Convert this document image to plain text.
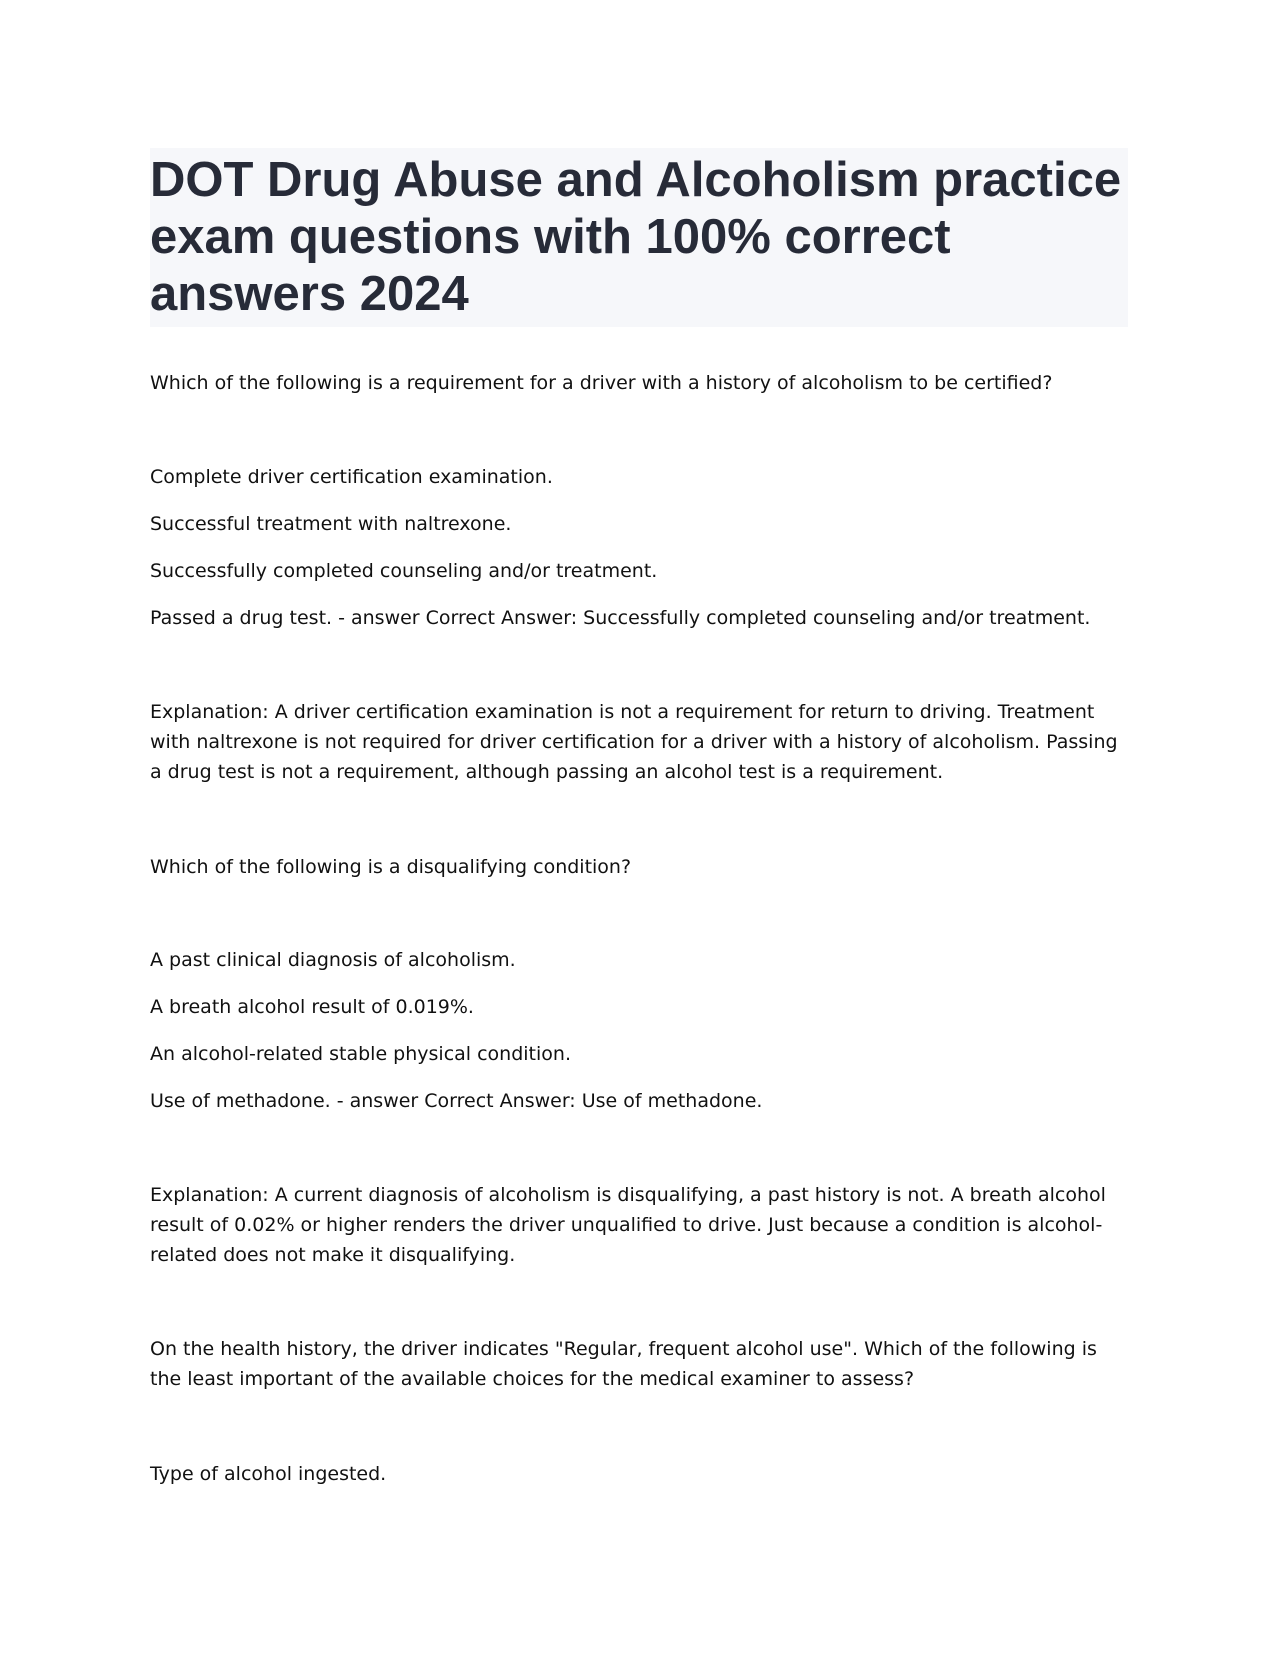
DOT Drug Abuse and Alcoholism practice exam questions with 100% correct answers 2024

Which of the following is a requirement for a driver with a history of alcoholism to be certified?

Complete driver certification examination.

Successful treatment with naltrexone.

Successfully completed counseling and/or treatment.

Passed a drug test. - answer Correct Answer: Successfully completed counseling and/or treatment.

Explanation: A driver certification examination is not a requirement for return to driving. Treatment with naltrexone is not required for driver certification for a driver with a history of alcoholism. Passing a drug test is not a requirement, although passing an alcohol test is a requirement.

Which of the following is a disqualifying condition?

A past clinical diagnosis of alcoholism.

A breath alcohol result of 0.019%.

An alcohol-related stable physical condition.

Use of methadone. - answer Correct Answer: Use of methadone.

Explanation: A current diagnosis of alcoholism is disqualifying, a past history is not. A breath alcohol result of 0.02% or higher renders the driver unqualified to drive. Just because a condition is alcohol-related does not make it disqualifying.

On the health history, the driver indicates "Regular, frequent alcohol use". Which of the following is the least important of the available choices for the medical examiner to assess?

Type of alcohol ingested.
